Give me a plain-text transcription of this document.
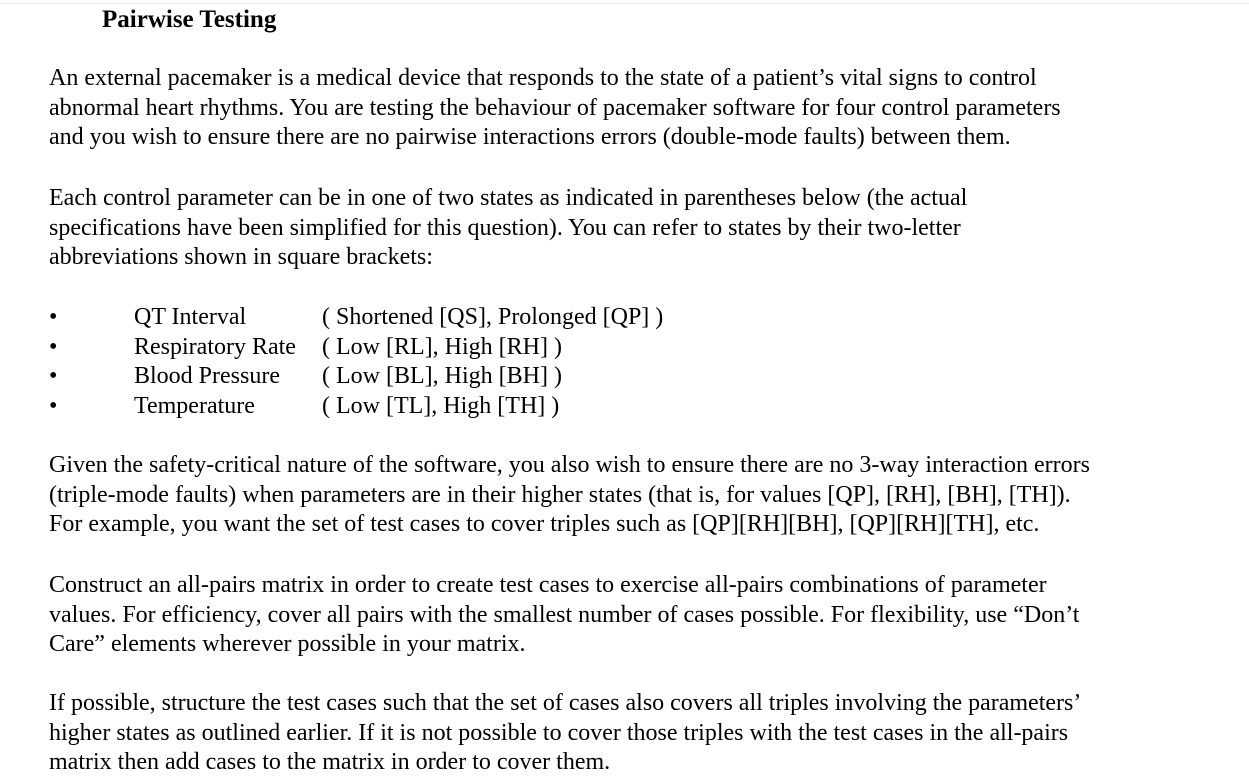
Pairwise Testing

An external pacemaker is a medical device that responds to the state of a patient’s vital signs to control
abnormal heart rhythms. You are testing the behaviour of pacemaker software for four control parameters
and you wish to ensure there are no pairwise interactions errors (double-mode faults) between them.

Each control parameter can be in one of two states as indicated in parentheses below (the actual
specifications have been simplified for this question). You can refer to states by their two-letter
abbreviations shown in square brackets:

•	QT Interval	( Shortened [QS], Prolonged [QP] )
•	Respiratory Rate ( Low [RL], High [RH] )
•	Blood Pressure ( Low [BL], High [BH] )
•	Temperature	( Low [TL], High [TH] )

Given the safety-critical nature of the software, you also wish to ensure there are no 3-way interaction errors
(triple-mode faults) when parameters are in their higher states (that is, for values [QP], [RH], [BH], [TH]).
For example, you want the set of test cases to cover triples such as [QP][RH][BH], [QP][RH][TH], etc.

Construct an all-pairs matrix in order to create test cases to exercise all-pairs combinations of parameter
values. For efficiency, cover all pairs with the smallest number of cases possible. For flexibility, use “Don’t
Care” elements wherever possible in your matrix.

If possible, structure the test cases such that the set of cases also covers all triples involving the parameters’
higher states as outlined earlier. If it is not possible to cover those triples with the test cases in the all-pairs
matrix then add cases to the matrix in order to cover them.
